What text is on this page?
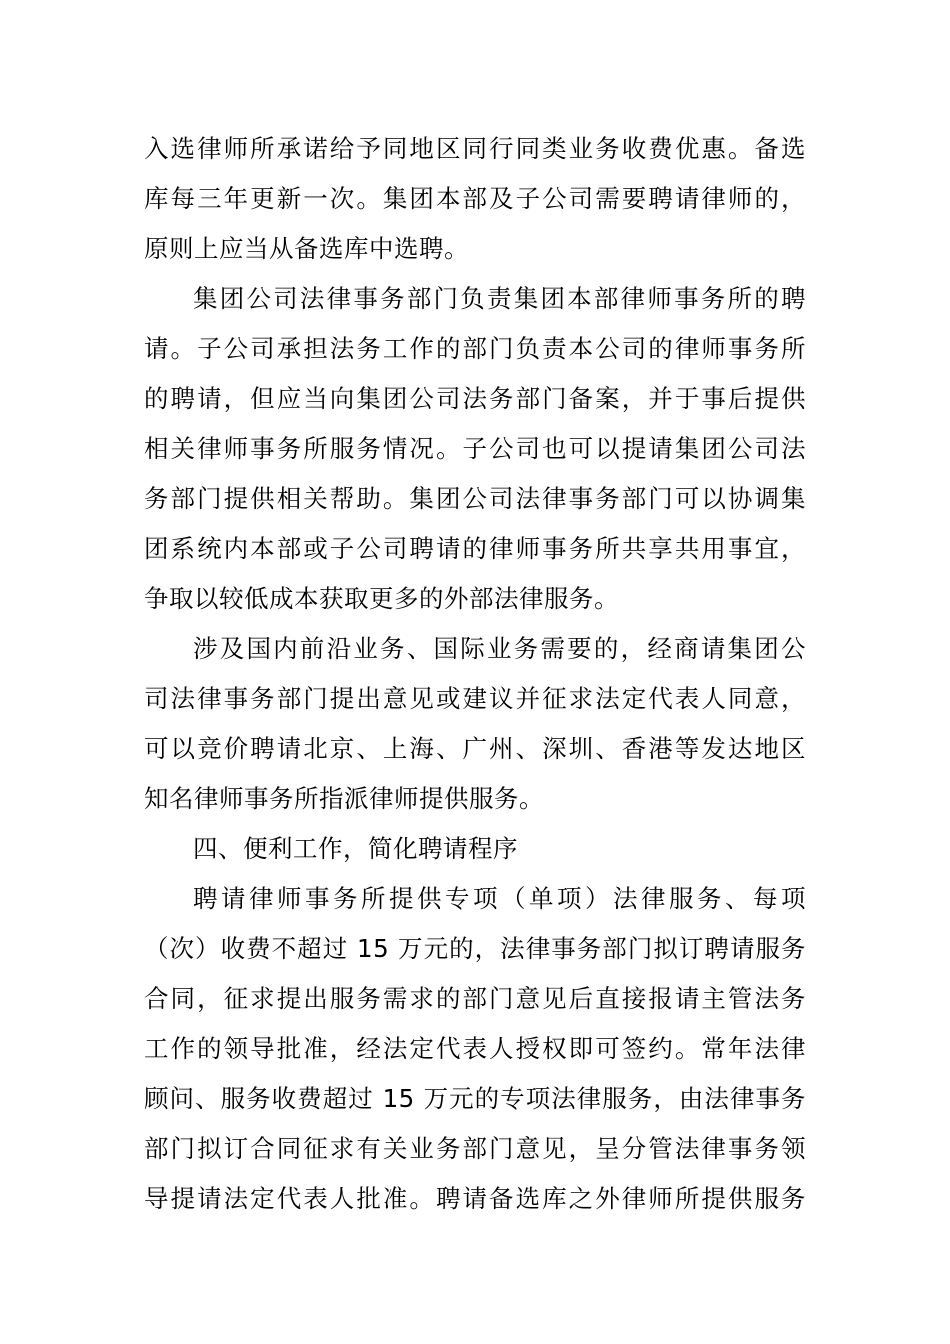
入选律师所承诺给予同地区同行同类业务收费优惠。备选
库每三年更新一次。集团本部及子公司需要聘请律师的，
原则上应当从备选库中选聘。

集团公司法律事务部门负责集团本部律师事务所的聘
请。子公司承担法务工作的部门负责本公司的律师事务所
的聘请，但应当向集团公司法务部门备案，并于事后提供
相关律师事务所服务情况。子公司也可以提请集团公司法
务部门提供相关帮助。集团公司法律事务部门可以协调集
团系统内本部或子公司聘请的律师事务所共享共用事宜，
争取以较低成本获取更多的外部法律服务。

涉及国内前沿业务、国际业务需要的，经商请集团公
司法律事务部门提出意见或建议并征求法定代表人同意，
可以竞价聘请北京、上海、广州、深圳、香港等发达地区
知名律师事务所指派律师提供服务。

四、便利工作，简化聘请程序

聘请律师事务所提供专项（单项）法律服务、每项
（次）收费不超过 15 万元的，法律事务部门拟订聘请服务
合同，征求提出服务需求的部门意见后直接报请主管法务
工作的领导批准，经法定代表人授权即可签约。常年法律
顾问、服务收费超过 15 万元的专项法律服务，由法律事务
部门拟订合同征求有关业务部门意见，呈分管法律事务领
导提请法定代表人批准。聘请备选库之外律师所提供服务
